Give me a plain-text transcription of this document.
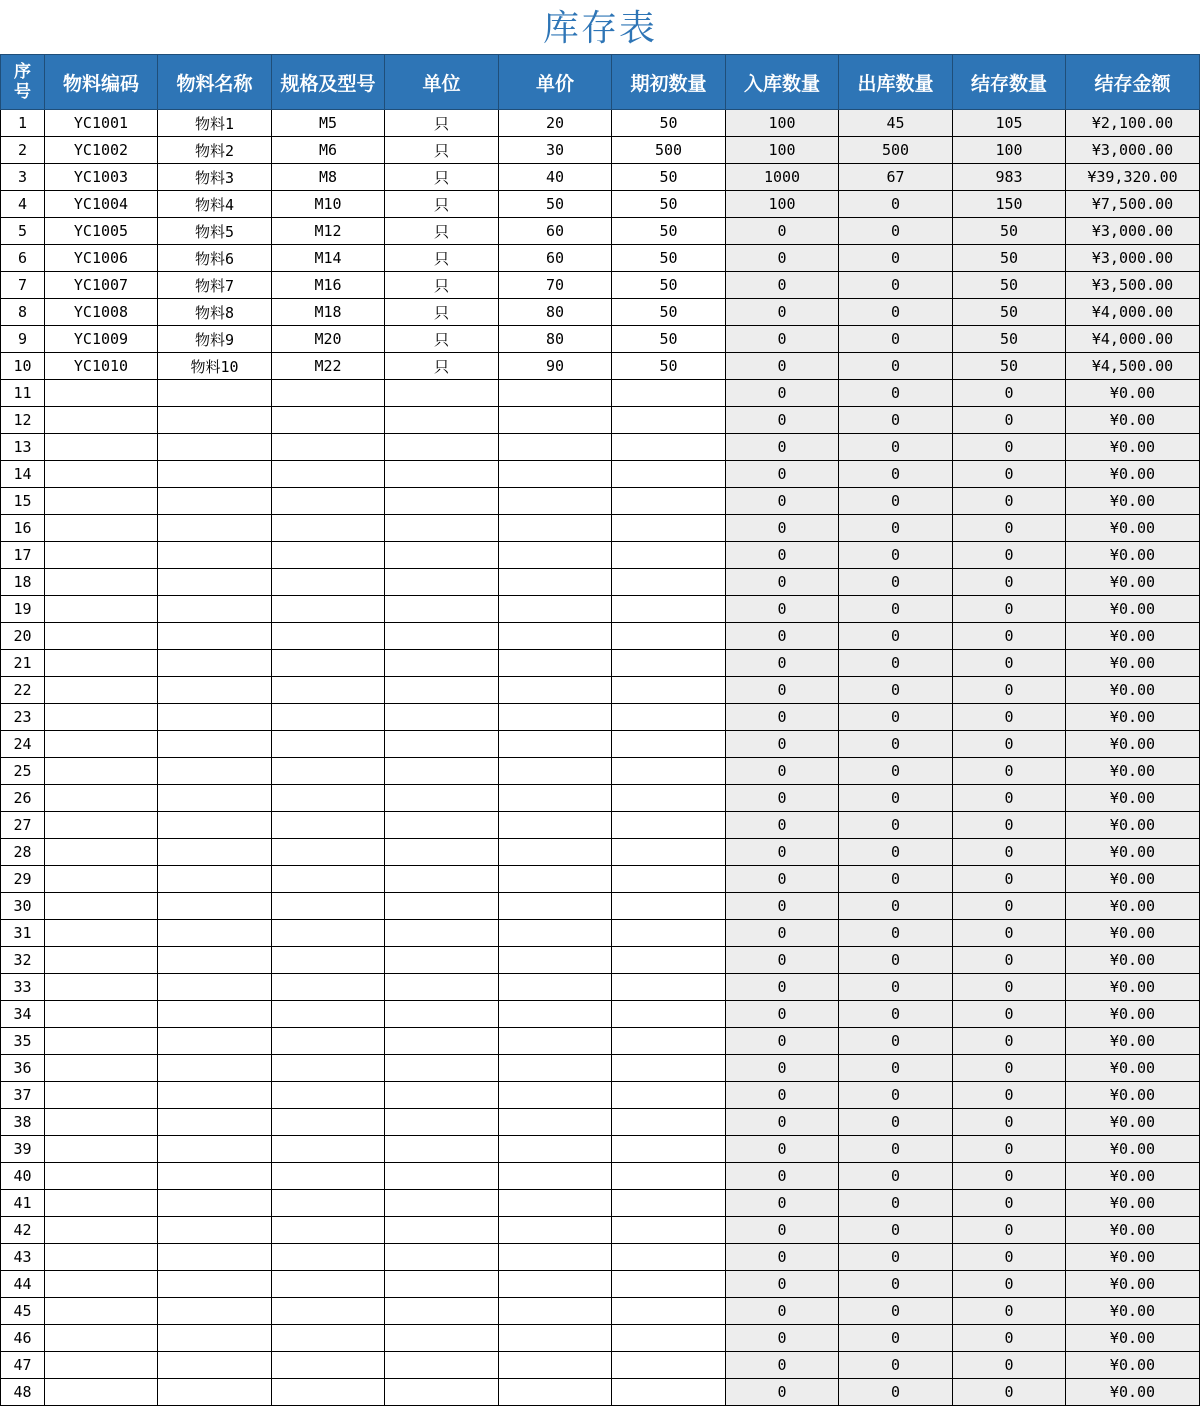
库存表
序号	物料编码	物料名称	规格及型号	单位	单价	期初数量	入库数量	出库数量	结存数量	结存金额
1	YC1001	物料1	M5	只	20	50	100	45	105	¥2,100.00
2	YC1002	物料2	M6	只	30	500	100	500	100	¥3,000.00
3	YC1003	物料3	M8	只	40	50	1000	67	983	¥39,320.00
4	YC1004	物料4	M10	只	50	50	100	0	150	¥7,500.00
5	YC1005	物料5	M12	只	60	50	0	0	50	¥3,000.00
6	YC1006	物料6	M14	只	60	50	0	0	50	¥3,000.00
7	YC1007	物料7	M16	只	70	50	0	0	50	¥3,500.00
8	YC1008	物料8	M18	只	80	50	0	0	50	¥4,000.00
9	YC1009	物料9	M20	只	80	50	0	0	50	¥4,000.00
10	YC1010	物料10	M22	只	90	50	0	0	50	¥4,500.00
11							0	0	0	¥0.00
12							0	0	0	¥0.00
13							0	0	0	¥0.00
14							0	0	0	¥0.00
15							0	0	0	¥0.00
16							0	0	0	¥0.00
17							0	0	0	¥0.00
18							0	0	0	¥0.00
19							0	0	0	¥0.00
20							0	0	0	¥0.00
21							0	0	0	¥0.00
22							0	0	0	¥0.00
23							0	0	0	¥0.00
24							0	0	0	¥0.00
25							0	0	0	¥0.00
26							0	0	0	¥0.00
27							0	0	0	¥0.00
28							0	0	0	¥0.00
29							0	0	0	¥0.00
30							0	0	0	¥0.00
31							0	0	0	¥0.00
32							0	0	0	¥0.00
33							0	0	0	¥0.00
34							0	0	0	¥0.00
35							0	0	0	¥0.00
36							0	0	0	¥0.00
37							0	0	0	¥0.00
38							0	0	0	¥0.00
39							0	0	0	¥0.00
40							0	0	0	¥0.00
41							0	0	0	¥0.00
42							0	0	0	¥0.00
43							0	0	0	¥0.00
44							0	0	0	¥0.00
45							0	0	0	¥0.00
46							0	0	0	¥0.00
47							0	0	0	¥0.00
48							0	0	0	¥0.00
